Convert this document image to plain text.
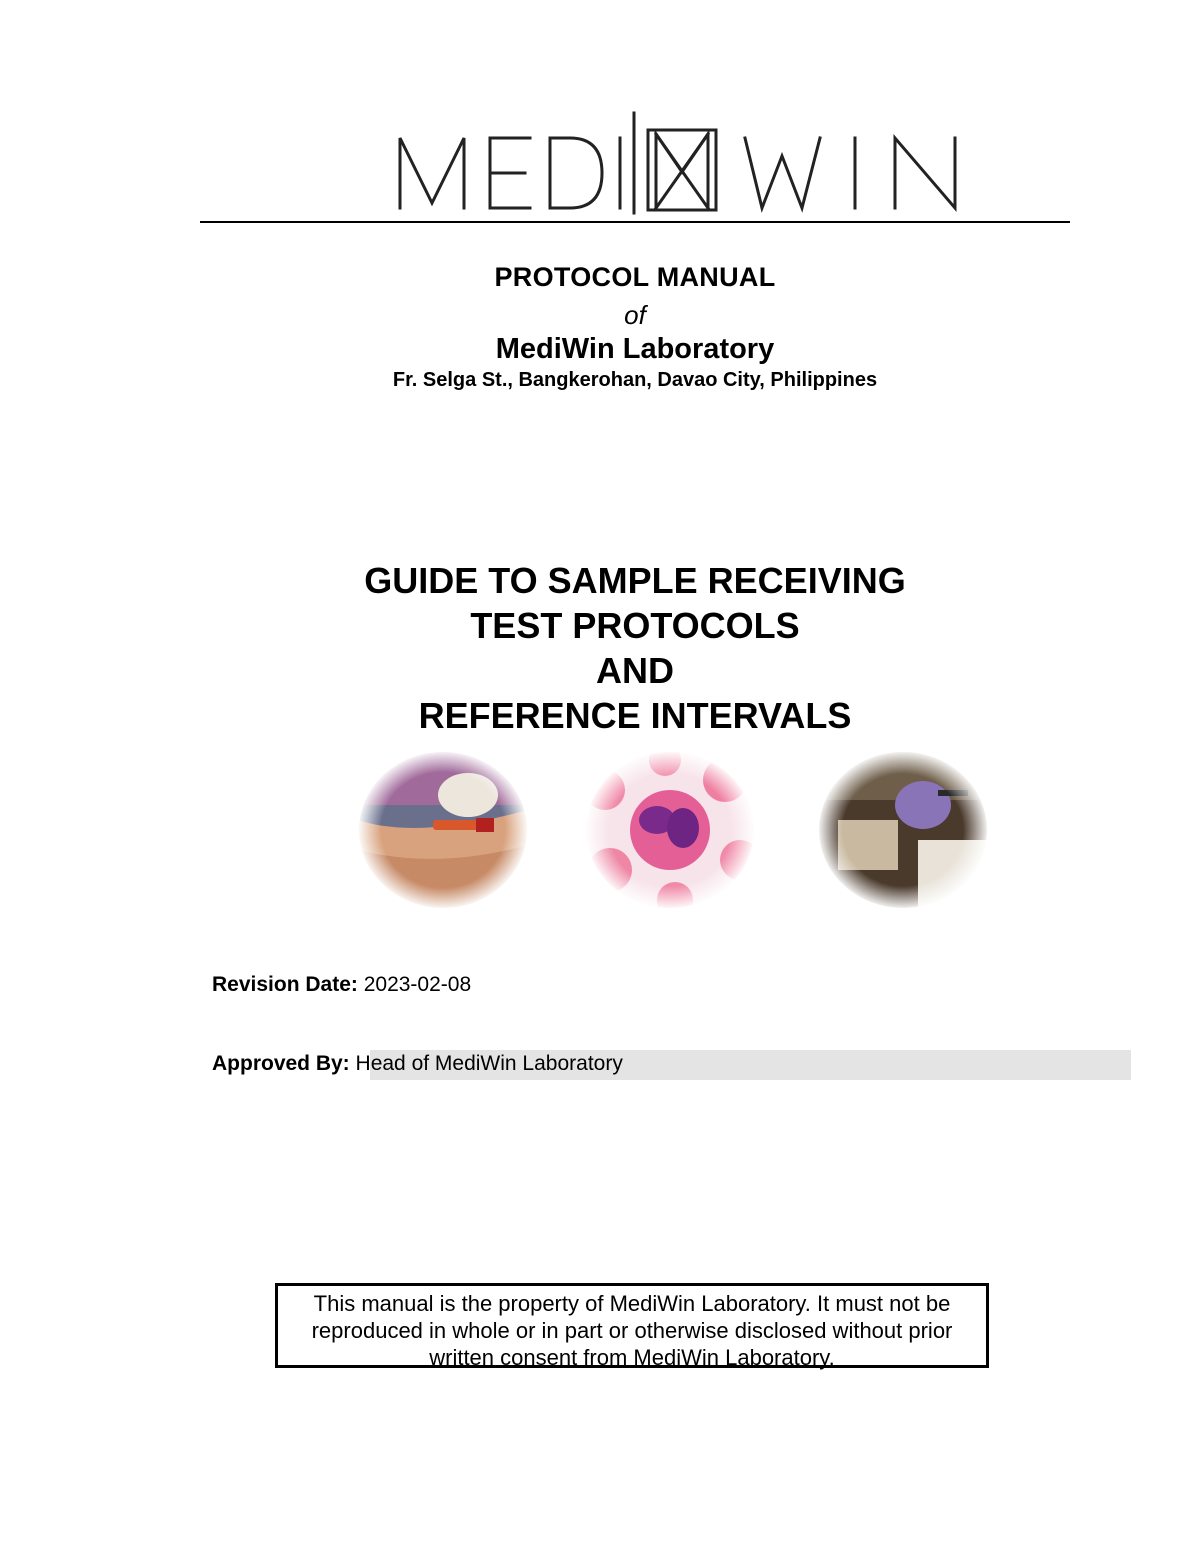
PROTOCOL MANUAL
of
MediWin Laboratory
Fr. Selga St., Bangkerohan, Davao City, Philippines
GUIDE TO SAMPLE RECEIVING
TEST PROTOCOLS
AND
REFERENCE INTERVALS
Revision Date: 2023-02-08
Approved By: Head of MediWin Laboratory
This manual is the property of MediWin Laboratory. It must not be reproduced in whole or in part or otherwise disclosed without prior written consent from MediWin Laboratory.
